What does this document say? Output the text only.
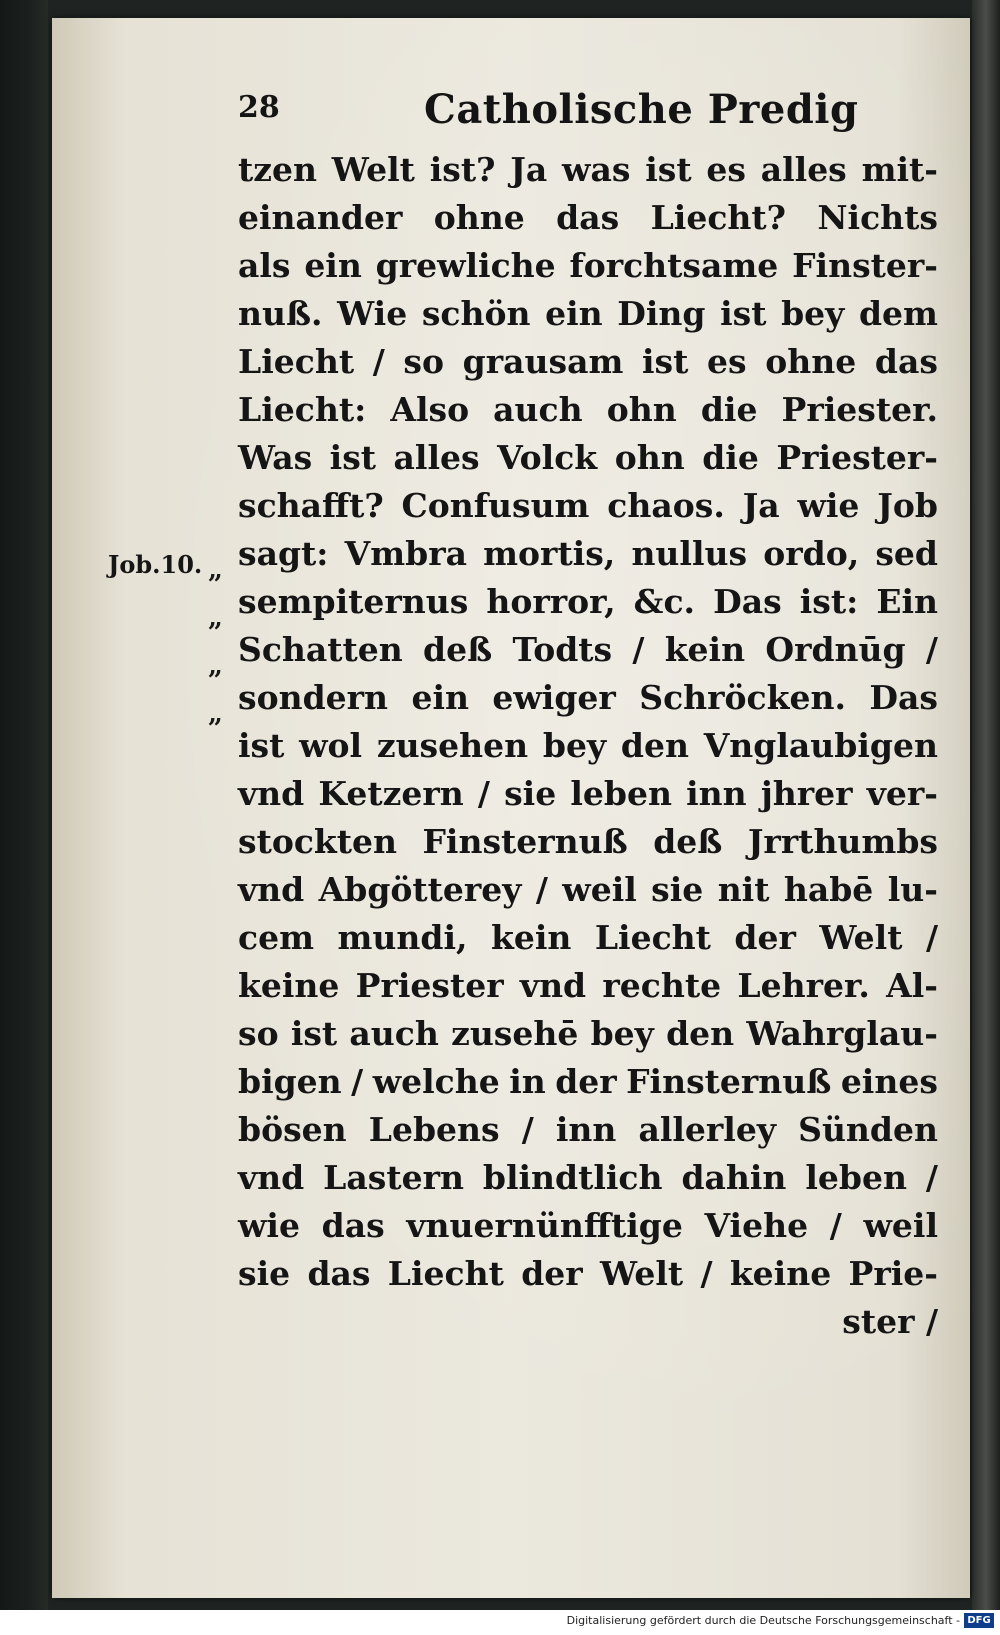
28	Catholische Predig
tzen Welt ist? Ja was ist es alles mit-
einander ohne das Liecht? Nichts
als ein grewliche forchtsame Finster-
nuß. Wie schön ein Ding ist bey dem
Liecht / so grausam ist es ohne das
Liecht: Also auch ohn die Priester.
Was ist alles Volck ohn die Priester-
schafft? Confusum chaos. Ja wie Job
sagt: Vmbra mortis, nullus ordo, sed
sempiternus horror, &c. Das ist: Ein
Schatten deß Todts / kein Ordnūg /
sondern ein ewiger Schröcken. Das
ist wol zusehen bey den Vnglaubigen
vnd Ketzern / sie leben inn jhrer ver-
stockten Finsternuß deß Jrrthumbs
vnd Abgötterey / weil sie nit habē lu-
cem mundi, kein Liecht der Welt /
keine Priester vnd rechte Lehrer. Al-
so ist auch zusehē bey den Wahrglau-
bigen / welche in der Finsternuß eines
bösen Lebens / inn allerley Sünden
vnd Lastern blindtlich dahin leben /
wie das vnuernünfftige Viehe / weil
sie das Liecht der Welt / keine Prie-
ster /
Job.10. „
„
„
„
Digitalisierung gefördert durch die Deutsche Forschungsgemeinschaft - DFG
